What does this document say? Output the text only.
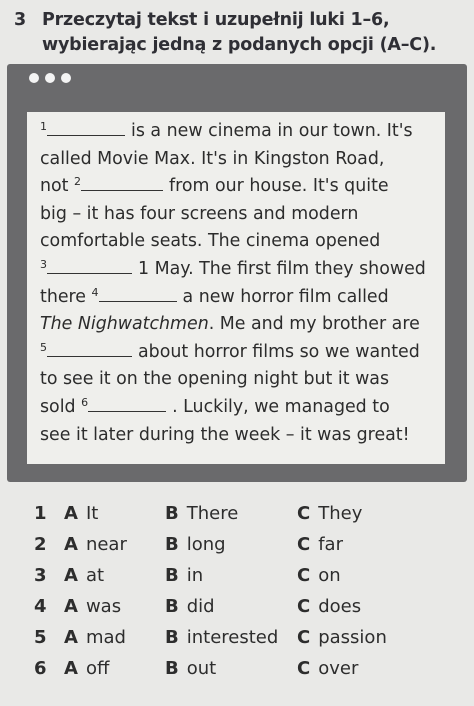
3 Przeczytaj tekst i uzupełnij luki 1–6,
wybierając jedną z podanych opcji (A–C).
$^1$	is a new cinema in our town. It's
called Movie Max. It's in Kingston Road,
not $^2$	from our house. It's quite
big – it has four screens and modern
comfortable seats. The cinema opened
$^3$	1 May. The first film they showed
there $^4$	a new horror film called
The Nighwatchmen. Me and my brother are
$^5$	about horror films so we wanted
to see it on the opening night but it was
sold $^6$	. Luckily, we managed to
see it later during the week – it was great!
1 A It	B There	C They
2 A near B long	C far
3 A at	B in	C on
4 A was B did	C does
5 A mad B interested C passion
6 A off	B out	C over
